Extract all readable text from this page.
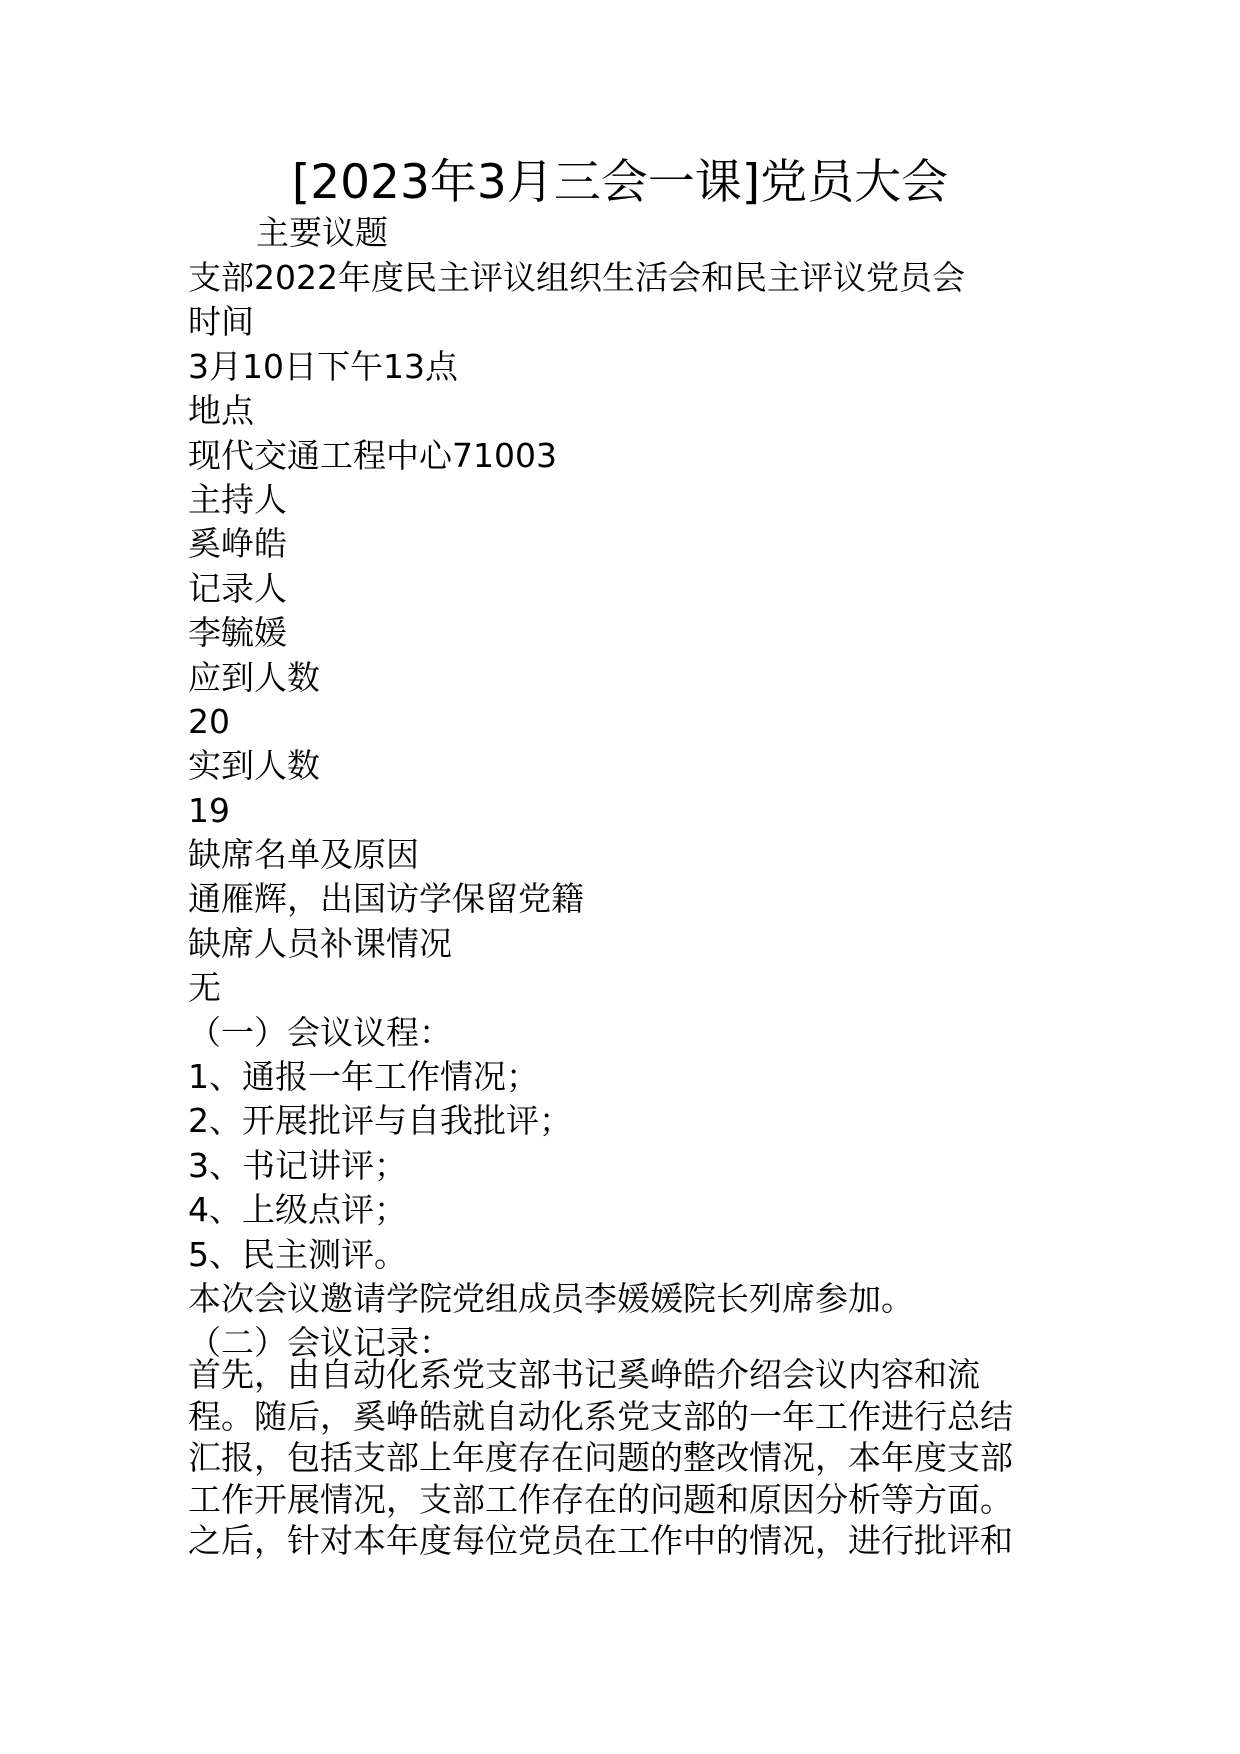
[2023年3月三会一课]党员大会
主要议题
支部2022年度民主评议组织生活会和民主评议党员会
时间
3月10日下午13点
地点
现代交通工程中心71003
主持人
奚峥皓
记录人
李毓媛
应到人数
20
实到人数
19
缺席名单及原因
通雁辉，出国访学保留党籍
缺席人员补课情况
无
（一）会议议程：
1、通报一年工作情况；
2、开展批评与自我批评；
3、书记讲评；
4、上级点评；
5、民主测评。
本次会议邀请学院党组成员李媛媛院长列席参加。
（二）会议记录：
首先，由自动化系党支部书记奚峥皓介绍会议内容和流
程。随后，奚峥皓就自动化系党支部的一年工作进行总结
汇报，包括支部上年度存在问题的整改情况，本年度支部
工作开展情况，支部工作存在的问题和原因分析等方面。
之后，针对本年度每位党员在工作中的情况，进行批评和
